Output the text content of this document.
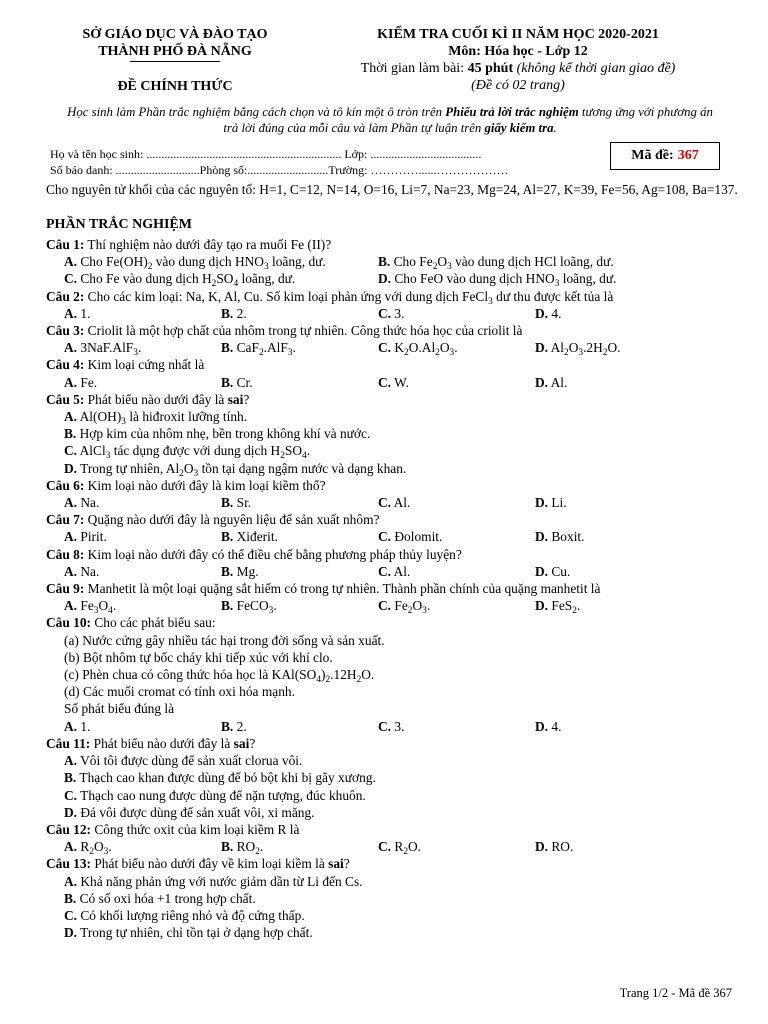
SỞ GIÁO DỤC VÀ ĐÀO TẠO
THÀNH PHỐ ĐÀ NẴNG
ĐỀ CHÍNH THỨC
KIỂM TRA CUỐI KÌ II NĂM HỌC 2020-2021
Môn: Hóa học - Lớp 12
Thời gian làm bài: 45 phút (không kể thời gian giao đề)
(Đề có 02 trang)
Học sinh làm Phần trắc nghiệm bằng cách chọn và tô kín một ô tròn trên Phiếu trả lời trắc nghiệm tương ứng với phương án trả lời đúng của mỗi câu và làm Phần tự luận trên giấy kiểm tra.
Họ và tên học sinh: ................................................................. Lớp: .....................................
Số báo danh: ............................Phòng số:...........................Trường: …………......………………
Mã đề: 367
Cho nguyên tử khối của các nguyên tố: H=1, C=12, N=14, O=16, Li=7, Na=23, Mg=24, Al=27, K=39, Fe=56, Ag=108, Ba=137.
PHẦN TRẮC NGHIỆM
Câu 1: Thí nghiệm nào dưới đây tạo ra muối Fe (II)?
A. Cho $Fe(OH)_2$ vào dung dịch $HNO_3$ loãng, dư.	B. Cho $Fe_2O_3$ vào dung dịch HCl loãng, dư.
C. Cho Fe vào dung dịch $H_2SO_4$ loãng, dư.	D. Cho FeO vào dung dịch $HNO_3$ loãng, dư.
Câu 2: Cho các kim loại: Na, K, Al, Cu. Số kim loại phản ứng với dung dịch FeCl$_3$ dư thu được kết tủa là
A. 1.	B. 2.	C. 3.	D. 4.
Câu 3: Criolit là một hợp chất của nhôm trong tự nhiên. Công thức hóa học của criolit là
A. 3NaF.AlF$_3$.	B. CaF$_2$.AlF$_3$.	C. $K_2O.Al_2O_3$.	D. $Al_2O_3.2H_2O$.
Câu 4: Kim loại cứng nhất là
A. Fe.	B. Cr.	C. W.	D. Al.
Câu 5: Phát biểu nào dưới đây là sai?
A. $Al(OH)_3$ là hiđroxit lưỡng tính.
B. Hợp kim của nhôm nhẹ, bền trong không khí và nước.
C. AlCl$_3$ tác dụng được với dung dịch $H_2SO_4$.
D. Trong tự nhiên, $Al_2O_3$ tồn tại dạng ngậm nước và dạng khan.
Câu 6: Kim loại nào dưới đây là kim loại kiềm thổ?
A. Na.	B. Sr.	C. Al.	D. Li.
Câu 7: Quặng nào dưới đây là nguyên liệu để sản xuất nhôm?
A. Pirit.	B. Xiđerit.	C. Đolomit.	D. Boxit.
Câu 8: Kim loại nào dưới đây có thể điều chế bằng phương pháp thủy luyện?
A. Na.	B. Mg.	C. Al.	D. Cu.
Câu 9: Manhetit là một loại quặng sắt hiếm có trong tự nhiên. Thành phần chính của quặng manhetit là
A. $Fe_3O_4$.	B. FeCO$_3$.	C. $Fe_2O_3$.	D. FeS$_2$.
Câu 10: Cho các phát biểu sau:
(a) Nước cứng gây nhiều tác hại trong đời sống và sản xuất.
(b) Bột nhôm tự bốc cháy khi tiếp xúc với khí clo.
(c) Phèn chua có công thức hóa học là $KAl(SO_4)_2.12H_2O$.
(d) Các muối cromat có tính oxi hóa mạnh.
Số phát biểu đúng là
A. 1.	B. 2.	C. 3.	D. 4.
Câu 11: Phát biểu nào dưới đây là sai?
A. Vôi tôi được dùng để sản xuất clorua vôi.
B. Thạch cao khan được dùng để bó bột khi bị gãy xương.
C. Thạch cao nung được dùng để nặn tượng, đúc khuôn.
D. Đá vôi được dùng để sản xuất vôi, xi măng.
Câu 12: Công thức oxit của kim loại kiềm R là
A. $R_2O_3$.	B. $RO_2$.	C. $R_2O$.	D. RO.
Câu 13: Phát biểu nào dưới đây về kim loại kiềm là sai?
A. Khả năng phản ứng với nước giảm dần từ Li đến Cs.
B. Có số oxi hóa +1 trong hợp chất.
C. Có khối lượng riêng nhỏ và độ cứng thấp.
D. Trong tự nhiên, chỉ tồn tại ở dạng hợp chất.
Trang 1/2 - Mã đề 367
